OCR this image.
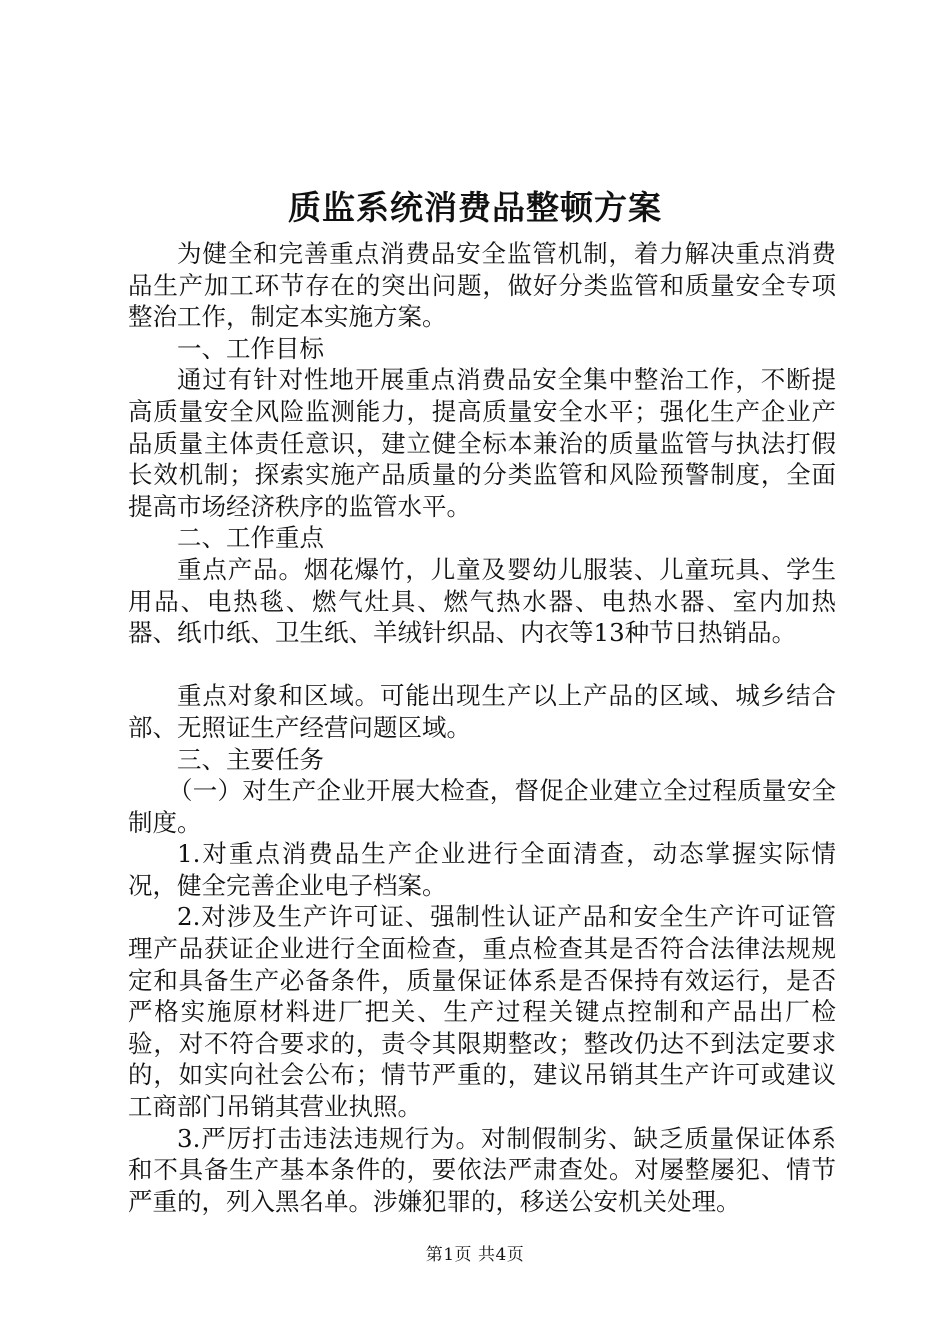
质监系统消费品整顿方案

为健全和完善重点消费品安全监管机制，着力解决重点消费品生产加工环节存在的突出问题，做好分类监管和质量安全专项整治工作，制定本实施方案。

一、工作目标

通过有针对性地开展重点消费品安全集中整治工作，不断提高质量安全风险监测能力，提高质量安全水平；强化生产企业产品质量主体责任意识，建立健全标本兼治的质量监管与执法打假长效机制；探索实施产品质量的分类监管和风险预警制度，全面提高市场经济秩序的监管水平。

二、工作重点

重点产品。烟花爆竹，儿童及婴幼儿服装、儿童玩具、学生用品、电热毯、燃气灶具、燃气热水器、电热水器、室内加热器、纸巾纸、卫生纸、羊绒针织品、内衣等13种节日热销品。

重点对象和区域。可能出现生产以上产品的区域、城乡结合部、无照证生产经营问题区域。

三、主要任务

（一）对生产企业开展大检查，督促企业建立全过程质量安全制度。

1.对重点消费品生产企业进行全面清查，动态掌握实际情况，健全完善企业电子档案。

2.对涉及生产许可证、强制性认证产品和安全生产许可证管理产品获证企业进行全面检查，重点检查其是否符合法律法规规定和具备生产必备条件，质量保证体系是否保持有效运行，是否严格实施原材料进厂把关、生产过程关键点控制和产品出厂检验，对不符合要求的，责令其限期整改；整改仍达不到法定要求的，如实向社会公布；情节严重的，建议吊销其生产许可或建议工商部门吊销其营业执照。

3.严厉打击违法违规行为。对制假制劣、缺乏质量保证体系和不具备生产基本条件的，要依法严肃查处。对屡整屡犯、情节严重的，列入黑名单。涉嫌犯罪的，移送公安机关处理。

第1页 共4页
